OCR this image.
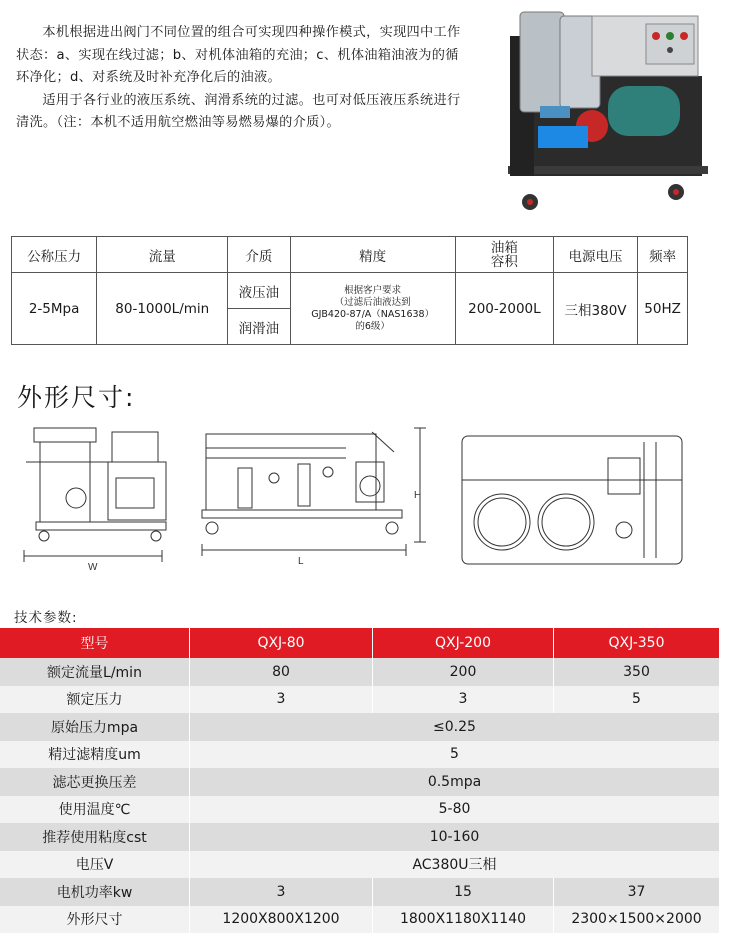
本机根据进出阀门不同位置的组合可实现四种操作模式，实现四中工作状态：a、实现在线过滤；b、对机体油箱的充油；c、机体油箱油液为的循环净化；d、对系统及时补充净化后的油液。

适用于各行业的液压系统、润滑系统的过滤。也可对低压液压系统进行清洗。（注：本机不适用航空燃油等易燃易爆的介质）。

公称压力	流量	介质	精度	油箱容积	电源电压	频率
2-5Mpa	80-1000L/min	液压油	根据客户要求
（过滤后油液达到
GJB420-87/A（NAS1638）
的6级）	200-2000L	三相380V	50HZ
		润滑油				
外形尺寸:
W
L
H
技术参数:
型号	QXJ-80	QXJ-200	QXJ-350
额定流量L/min	80	200	350
额定压力	3	3	5
原始压力mpa	≤0.25		
精过滤精度um	5		
滤芯更换压差	0.5mpa		
使用温度℃	5-80		
推荐使用粘度cst	10-160		
电压V	AC380U三相		
电机功率kw	3	15	37
外形尺寸	1200X800X1200	1800X1180X1140	2300×1500×2000
